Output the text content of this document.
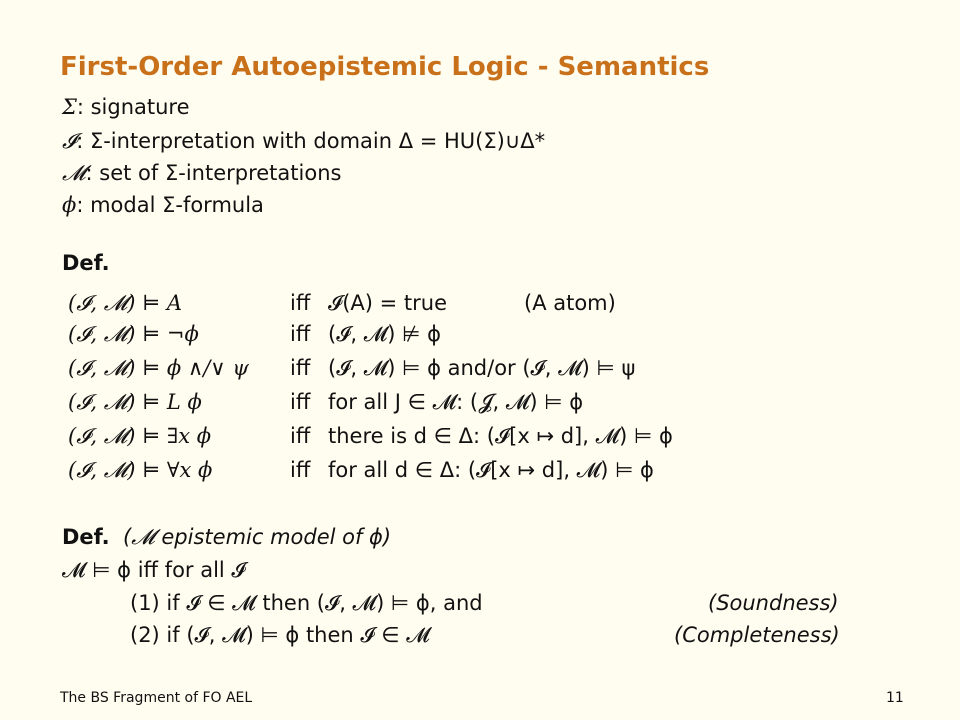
First-Order Autoepistemic Logic - Semantics
Σ: signature
𝓘: Σ-interpretation with domain Δ = HU(Σ)∪Δ*
𝓜: set of Σ-interpretations
ϕ: modal Σ-formula
Def.
(𝓘, 𝓜) ⊨ A	iff 𝓘(A) = true	(A atom)
(𝓘, 𝓜) ⊨ ¬ϕ	iff (𝓘, 𝓜) ⊭ ϕ
(𝓘, 𝓜) ⊨ ϕ ∧/∨ ψ iff (𝓘, 𝓜) ⊨ ϕ and/or (𝓘, 𝓜) ⊨ ψ
(𝓘, 𝓜) ⊨ L ϕ	iff for all J ∈ 𝓜: (𝓙, 𝓜) ⊨ ϕ
(𝓘, 𝓜) ⊨ ∃x ϕ	iff there is d ∈ Δ: (𝓘[x ↦ d], 𝓜) ⊨ ϕ
(𝓘, 𝓜) ⊨ ∀x ϕ	iff for all d ∈ Δ: (𝓘[x ↦ d], 𝓜) ⊨ ϕ
Def. (𝓜 epistemic model of ϕ)
𝓜 ⊨ ϕ iff for all 𝓘
(1) if 𝓘 ∈ 𝓜 then (𝓘, 𝓜) ⊨ ϕ, and	(Soundness)
(2) if (𝓘, 𝓜) ⊨ ϕ then 𝓘 ∈ 𝓜	(Completeness)
The BS Fragment of FO AEL	11
